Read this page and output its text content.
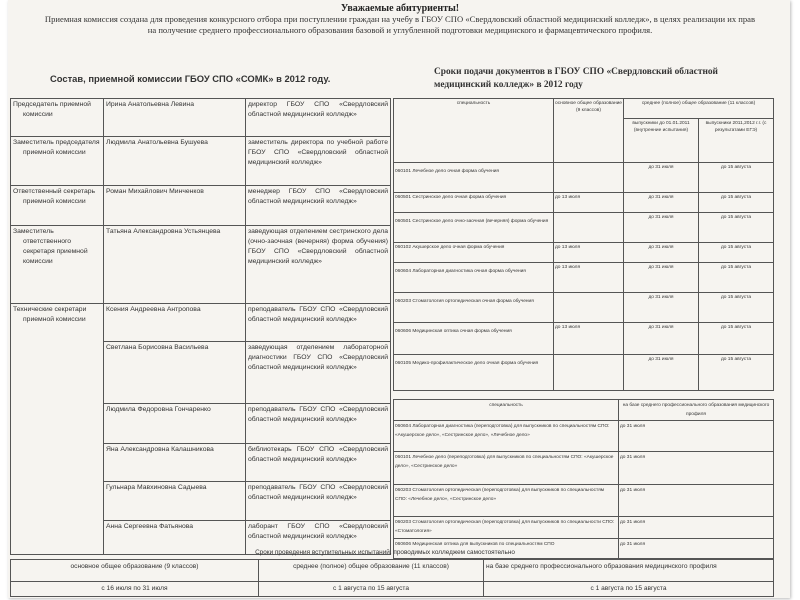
Уважаемые абитуриенты!
Приемная комиссия создана для проведения конкурсного отбора при поступлении граждан на учебу в ГБОУ СПО «Свердловский областной медицинский колледж», в целях реализации их прав на получение среднего профессионального образования базовой и углубленной подготовки медицинского и фармацевтического профиля.
Состав, приемной комиссии ГБОУ СПО «СОМК» в 2012 году.
Сроки подачи документов в ГБОУ СПО «Свердловский областной медицинский колледж» в 2012 году
Председатель приемной комиссии	Ирина Анатольевна Левина	директор ГБОУ СПО «Свердловский областной медицинский колледж»

Заместитель председателя приемной комиссии	Людмила Анатольевна Бушуева	заместитель директора по учебной работе ГБОУ СПО «Свердловский областной медицинский колледж»

Ответственный секретарь приемной комиссии	Роман Михайлович Минченков	менеджер ГБОУ СПО «Свердловский областной медицинский колледж»

Заместитель ответственного секретаря приемной комиссии	Татьяна Александровна Устьянцева	заведующая отделением сестринского дела (очно-заочная (вечерняя) форма обучения) ГБОУ СПО «Свердловский областной медицинский колледж»

Технические секретари приемной комиссии	Ксения Андреевна Антропова	преподаватель ГБОУ СПО «Свердловский областной медицинский колледж»
	Светлана Борисовна Васильева	заведующая отделением лабораторной диагностики ГБОУ СПО «Свердловский областной медицинский колледж»
	Людмила Федоровна Гончаренко	преподаватель ГБОУ СПО «Свердловский областной медицинский колледж»
	Яна Александровна Калашникова	библиотекарь ГБОУ СПО «Свердловский областной медицинский колледж»
	Гульнара Мавхиновна Садыева	преподаватель ГБОУ СПО «Свердловский областной медицинский колледж»
	Анна Сергеевна Фатьянова	лаборант ГБОУ СПО «Свердловский областной медицинский колледж»
специальность	основное общее образование (9 классов)	среднее (полное) общее образование (11 классов)	
		выпускники до 01.01.2011 (внутренние испытания)	выпускники 2011,2012 г.г. (с результатами ЕГЭ)
060101 Лечебное дело очная форма обучения		до 31 июля	до 15 августа
060501 Сестринское дело очная форма обучения	до 13 июля	до 31 июля	до 15 августа
060501 Сестринское дело очно-заочная (вечерняя) форма обучения		до 31 июля	до 15 августа
060102 Акушерское дело очная форма обучения	до 13 июля	до 31 июля	до 15 августа
060604 Лабораторная диагностика очная форма обучения	до 13 июля	до 31 июля	до 15 августа
060203 Стоматология ортопедическая очная форма обучения		до 31 июля	до 15 августа
060606 Медицинская оптика очная форма обучения	до 13 июля	до 31 июля	до 15 августа
060105 Медико-профилактическое дело очная форма обучения		до 31 июля	до 15 августа
специальность	на базе среднего профессионального образования медицинского профиля
060604 Лабораторная диагностика (переподготовка) для выпускников по специальностям СПО: «Акушерское дело», «Сестринское дело», «Лечебное дело»	до 31 июля
060101 Лечебное дело (переподготовка) для выпускников по специальностям СПО: «Акушерское дело», «Сестринское дело»	до 31 июля
060203 Стоматология ортопедическая (переподготовка) для выпускников по специальностям СПО: «Лечебное дело», «Сестринское дело»	до 31 июля
060203 Стоматология ортопедическая (переподготовка) для выпускников по специальности СПО: «Стоматология»	до 31 июля
060606 Медицинская оптика для выпускников по специальностям СПО	до 31 июля
Сроки проведения вступительных испытаний, проводимых колледжем самостоятельно
основное общее образование (9 классов)	среднее (полное) общее образование (11 классов)	на базе среднего профессионального образования медицинского профиля
с 16 июля по 31 июля	с 1 августа по 15 августа	с 1 августа по 15 августа
